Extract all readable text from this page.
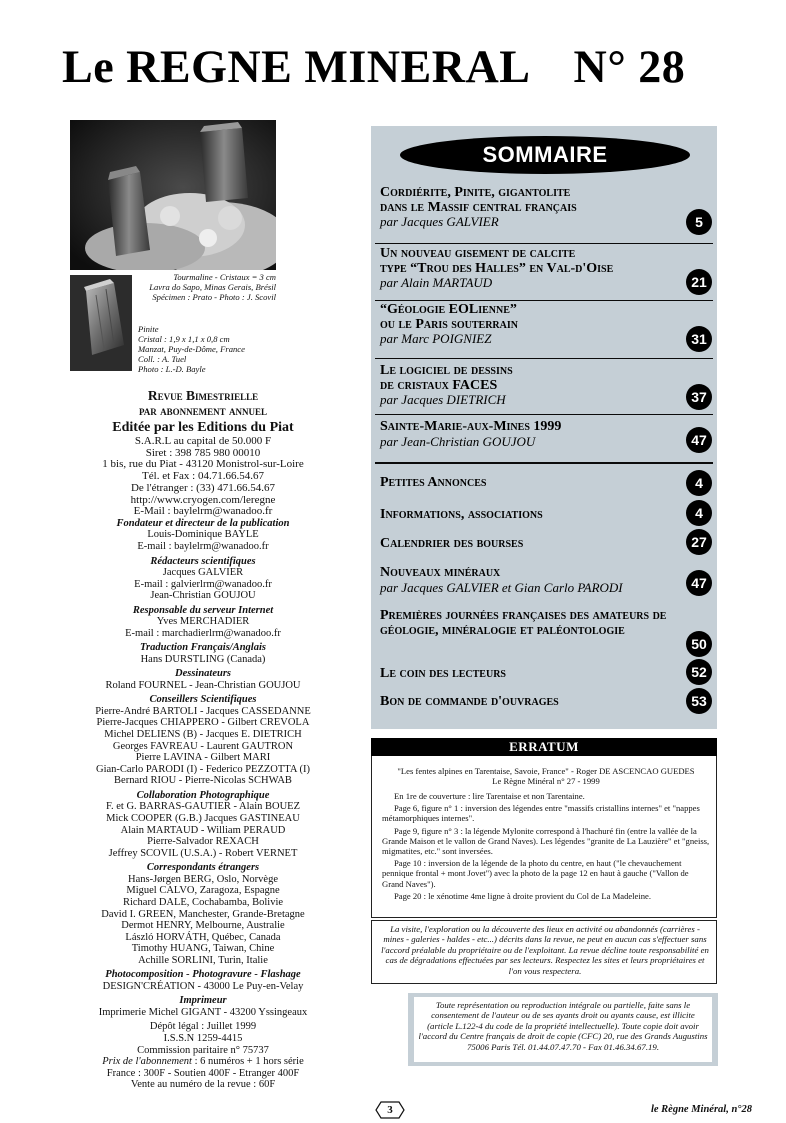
Le REGNE MINERAL N° 28
Tourmaline - Cristaux = 3 cm
Lavra do Sapo, Minas Gerais, Brésil
Spécimen : Prato - Photo : J. Scovil
Pinite
Cristal : 1,9 x 1,1 x 0,8 cm
Manzat, Puy-de-Dôme, France
Coll. : A. Tuel
Photo : L.-D. Bayle
Revue Bimestrielle
par abonnement annuel
Editée par les Editions du Piat
S.A.R.L au capital de 50.000 F
Siret : 398 785 980 00010
1 bis, rue du Piat - 43120 Monistrol-sur-Loire
Tél. et Fax : 04.71.66.54.67
De l'étranger : (33) 471.66.54.67
http://www.cryogen.com/leregne
E-Mail : baylelrm@wanadoo.fr
Fondateur et directeur de la publication
Louis-Dominique BAYLE
E-mail : baylelrm@wanadoo.fr
Rédacteurs scientifiques
Jacques GALVIER
E-mail : galvierlrm@wanadoo.fr
Jean-Christian GOUJOU
Responsable du serveur Internet
Yves MERCHADIER
E-mail : marchadierlrm@wanadoo.fr
Traduction Français/Anglais
Hans DURSTLING (Canada)
Dessinateurs
Roland FOURNEL - Jean-Christian GOUJOU
Conseillers Scientifiques
Pierre-André BARTOLI - Jacques CASSEDANNE
Pierre-Jacques CHIAPPERO - Gilbert CREVOLA
Michel DELIENS (B) - Jacques E. DIETRICH
Georges FAVREAU - Laurent GAUTRON
Pierre LAVINA - Gilbert MARI
Gian-Carlo PARODI (I) - Federico PEZZOTTA (I)
Bernard RIOU - Pierre-Nicolas SCHWAB
Collaboration Photographique
F. et G. BARRAS-GAUTIER - Alain BOUEZ
Mick COOPER (G.B.) Jacques GASTINEAU
Alain MARTAUD - William PERAUD
Pierre-Salvador REXACH
Jeffrey SCOVIL (U.S.A.) - Robert VERNET
Correspondants étrangers
Hans-Jørgen BERG, Oslo, Norvège
Miguel CALVO, Zaragoza, Espagne
Richard DALE, Cochabamba, Bolivie
David I. GREEN, Manchester, Grande-Bretagne
Dermot HENRY, Melbourne, Australie
László HORVÁTH, Québec, Canada
Timothy HUANG, Taiwan, Chine
Achille SORLINI, Turin, Italie
Photocomposition - Photogravure - Flashage
DESIGN'CRÉATION - 43000 Le Puy-en-Velay
Imprimeur
Imprimerie Michel GIGANT - 43200 Yssingeaux
Dépôt légal : Juillet 1999
I.S.S.N 1259-4415
Commission paritaire n° 75737
Prix de l'abonnement : 6 numéros + 1 hors série
France : 300F - Soutien 400F - Etranger 400F
Vente au numéro de la revue : 60F
SOMMAIRE
Cordiérite, Pinite, gigantolite
dans le Massif central français
par Jacques GALVIER	5
Un nouveau gisement de calcite
type “Trou des Halles” en Val-d'Oise
par Alain MARTAUD	21
“Géologie EOLienne”
ou le Paris souterrain
par Marc POIGNIEZ	31
Le logiciel de dessins
de cristaux FACES
par Jacques DIETRICH	37
Sainte-Marie-aux-Mines 1999
par Jean-Christian GOUJOU	47
Petites Annonces	4
Informations, associations	4
Calendrier des bourses	27
Nouveaux minéraux
par Jacques GALVIER et Gian Carlo PARODI	47
Premières journées françaises des amateurs de géologie, minéralogie et paléontologie
50
Le coin des lecteurs	52
Bon de commande d'ouvrages	53
ERRATUM
"Les fentes alpines en Tarentaise, Savoie, France" - Roger DE ASCENCAO GUEDES
Le Règne Minéral n° 27 - 1999
En 1re de couverture : lire Tarentaise et non Tarentaine.
Page 6, figure n° 1 : inversion des légendes entre "massifs cristallins internes" et "nappes métamorphiques internes".
Page 9, figure n° 3 : la légende Mylonite correspond à l'hachuré fin (entre la vallée de la Grande Maison et le vallon de Grand Naves). Les légendes "granite de La Lauzière" et "gneiss, migmatites, etc." sont inversées.
Page 10 : inversion de la légende de la photo du centre, en haut ("le chevauchement pennique frontal + mont Jovet") avec la photo de la page 12 en haut à gauche ("Vallon de Grand Naves").
Page 20 : le xénotime 4me ligne à droite provient du Col de La Madeleine.
La visite, l'exploration ou la découverte des lieux en activité ou abandonnés (carrières - mines - galeries - haldes - etc...) décrits dans la revue, ne peut en aucun cas s'effectuer sans l'accord préalable du propriétaire ou de l'exploitant. La revue décline toute responsabilité en cas de dégradations effectuées par ses lecteurs. Respectez les sites et leurs propriétaires et l'on vous respectera.
Toute représentation ou reproduction intégrale ou partielle, faite sans le consentement de l'auteur ou de ses ayants droit ou ayants cause, est illicite (article L.122-4 du code de la propriété intellectuelle). Toute copie doit avoir l'accord du Centre français de droit de copie (CFC) 20, rue des Grands Augustins 75006 Paris Tél. 01.44.07.47.70 - Fax 01.46.34.67.19.
3	le Règne Minéral, n°28
